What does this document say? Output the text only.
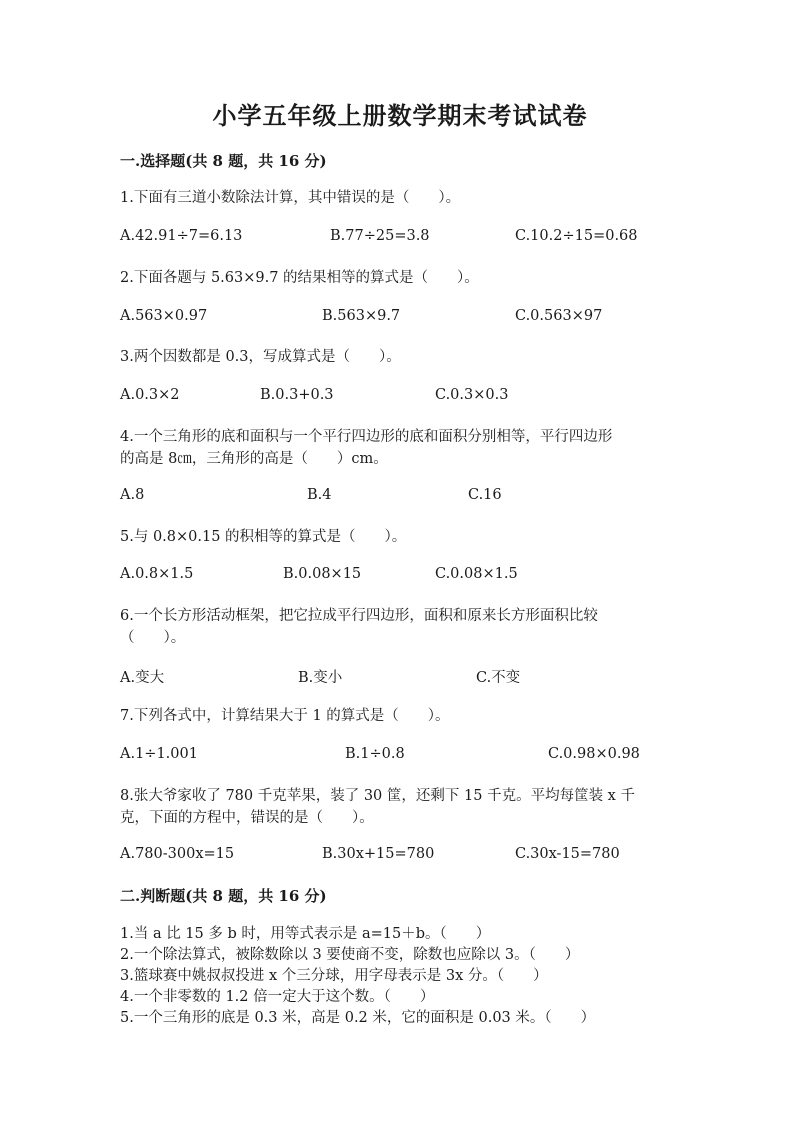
小学五年级上册数学期末考试试卷
一.选择题(共 8 题，共 16 分)
1.下面有三道小数除法计算，其中错误的是（　　）。
A.42.91÷7=6.13	B.77÷25=3.8	C.10.2÷15=0.68
2.下面各题与 5.63×9.7 的结果相等的算式是（　　）。
A.563×0.97	B.563×9.7	C.0.563×97
3.两个因数都是 0.3，写成算式是（　　）。
A.0.3×2	B.0.3+0.3	C.0.3×0.3
4.一个三角形的底和面积与一个平行四边形的底和面积分别相等，平行四边形
的高是 8㎝，三角形的高是（　　）cm。
A.8	B.4	C.16
5.与 0.8×0.15 的积相等的算式是（　　）。
A.0.8×1.5	B.0.08×15	C.0.08×1.5
6.一个长方形活动框架，把它拉成平行四边形，面积和原来长方形面积比较
（　　）。
A.变大	B.变小	C.不变
7.下列各式中，计算结果大于 1 的算式是（　　）。
A.1÷1.001	B.1÷0.8	C.0.98×0.98
8.张大爷家收了 780 千克苹果，装了 30 筐，还剩下 15 千克。平均每筐装 x 千
克，下面的方程中，错误的是（　　）。
A.780-300x=15	B.30x+15=780	C.30x-15=780
二.判断题(共 8 题，共 16 分)
1.当 a 比 15 多 b 时，用等式表示是 a=15＋b。（　　）
2.一个除法算式，被除数除以 3 要使商不变，除数也应除以 3。（　　）
3.篮球赛中姚叔叔投进 x 个三分球，用字母表示是 3x 分。（　　）
4.一个非零数的 1.2 倍一定大于这个数。（　　）
5.一个三角形的底是 0.3 米，高是 0.2 米，它的面积是 0.03 米。（　　）
